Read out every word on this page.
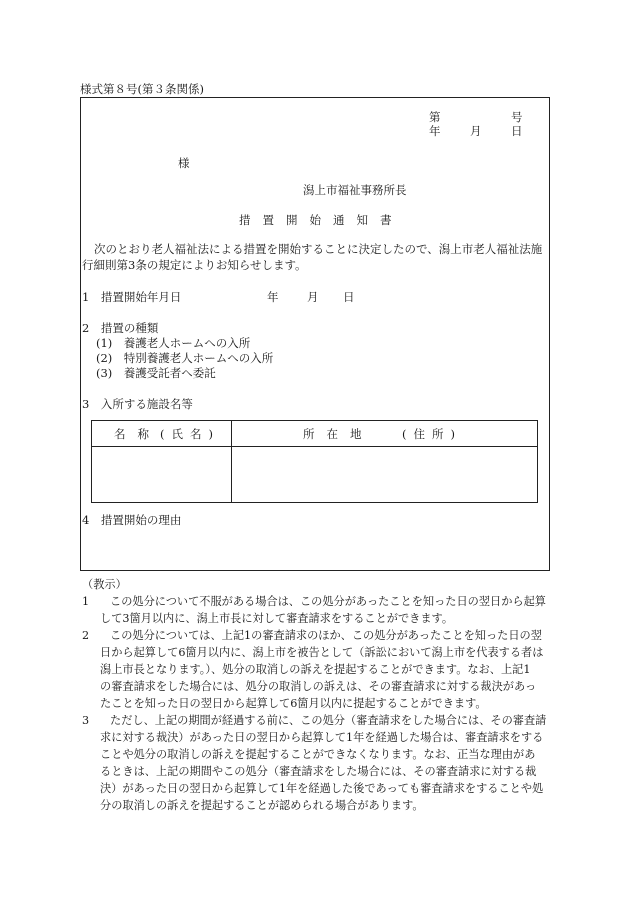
様式第８号(第３条関係)
第	号
年	月	日
様
潟上市福祉事務所長
措置開始通知書
次のとおり老人福祉法による措置を開始することに決定したので、潟上市老人福祉法施
行細則第3条の規定によりお知らせします。
1　措置開始年月日	年 月 日
2　措置の種類
(1)　養護老人ホームへの入所
(2)　特別養護老人ホームへの入所
(3)　養護受託者へ委託
3　入所する施設名等
名称 (氏名)	所在地 (住所)
4　措置開始の理由

（教示）

1	この処分について不服がある場合は、この処分があったことを知った日の翌日から起算
して3箇月以内に、潟上市長に対して審査請求をすることができます。
2	この処分については、上記1の審査請求のほか、この処分があったことを知った日の翌
日から起算して6箇月以内に、潟上市を被告として（訴訟において潟上市を代表する者は
潟上市長となります。）、処分の取消しの訴えを提起することができます。なお、上記1
の審査請求をした場合には、処分の取消しの訴えは、その審査請求に対する裁決があっ
たことを知った日の翌日から起算して6箇月以内に提起することができます。
3	ただし、上記の期間が経過する前に、この処分（審査請求をした場合には、その審査請
求に対する裁決）があった日の翌日から起算して1年を経過した場合は、審査請求をする
ことや処分の取消しの訴えを提起することができなくなります。なお、正当な理由があ
るときは、上記の期間やこの処分（審査請求をした場合には、その審査請求に対する裁
決）があった日の翌日から起算して1年を経過した後であっても審査請求をすることや処
分の取消しの訴えを提起することが認められる場合があります。
